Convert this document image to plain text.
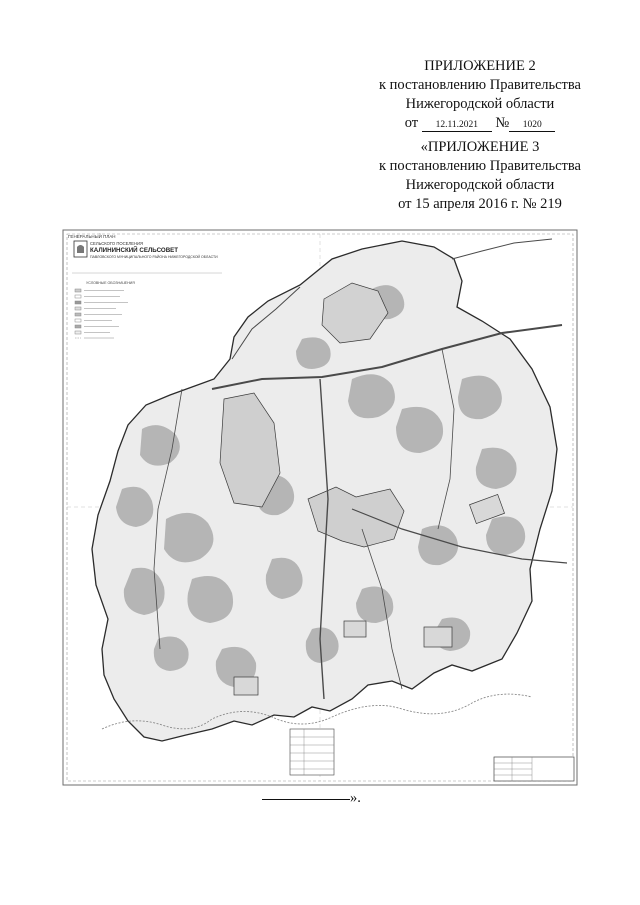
ПРИЛОЖЕНИЕ 2
к постановлению Правительства
Нижегородской области
от 12.11.2021 № 1020
«ПРИЛОЖЕНИЕ 3
к постановлению Правительства
Нижегородской области
от 15 апреля 2016 г. № 219
ГЕНЕРАЛЬНЫЙ ПЛАН
СЕЛЬСКОГО ПОСЕЛЕНИЯ
КАЛИНИНСКИЙ СЕЛЬСОВЕТ
ПАВЛОВСКОГО МУНИЦИПАЛЬНОГО РАЙОНА НИЖЕГОРОДСКОЙ ОБЛАСТИ
УСЛОВНЫЕ ОБОЗНАЧЕНИЯ
».
